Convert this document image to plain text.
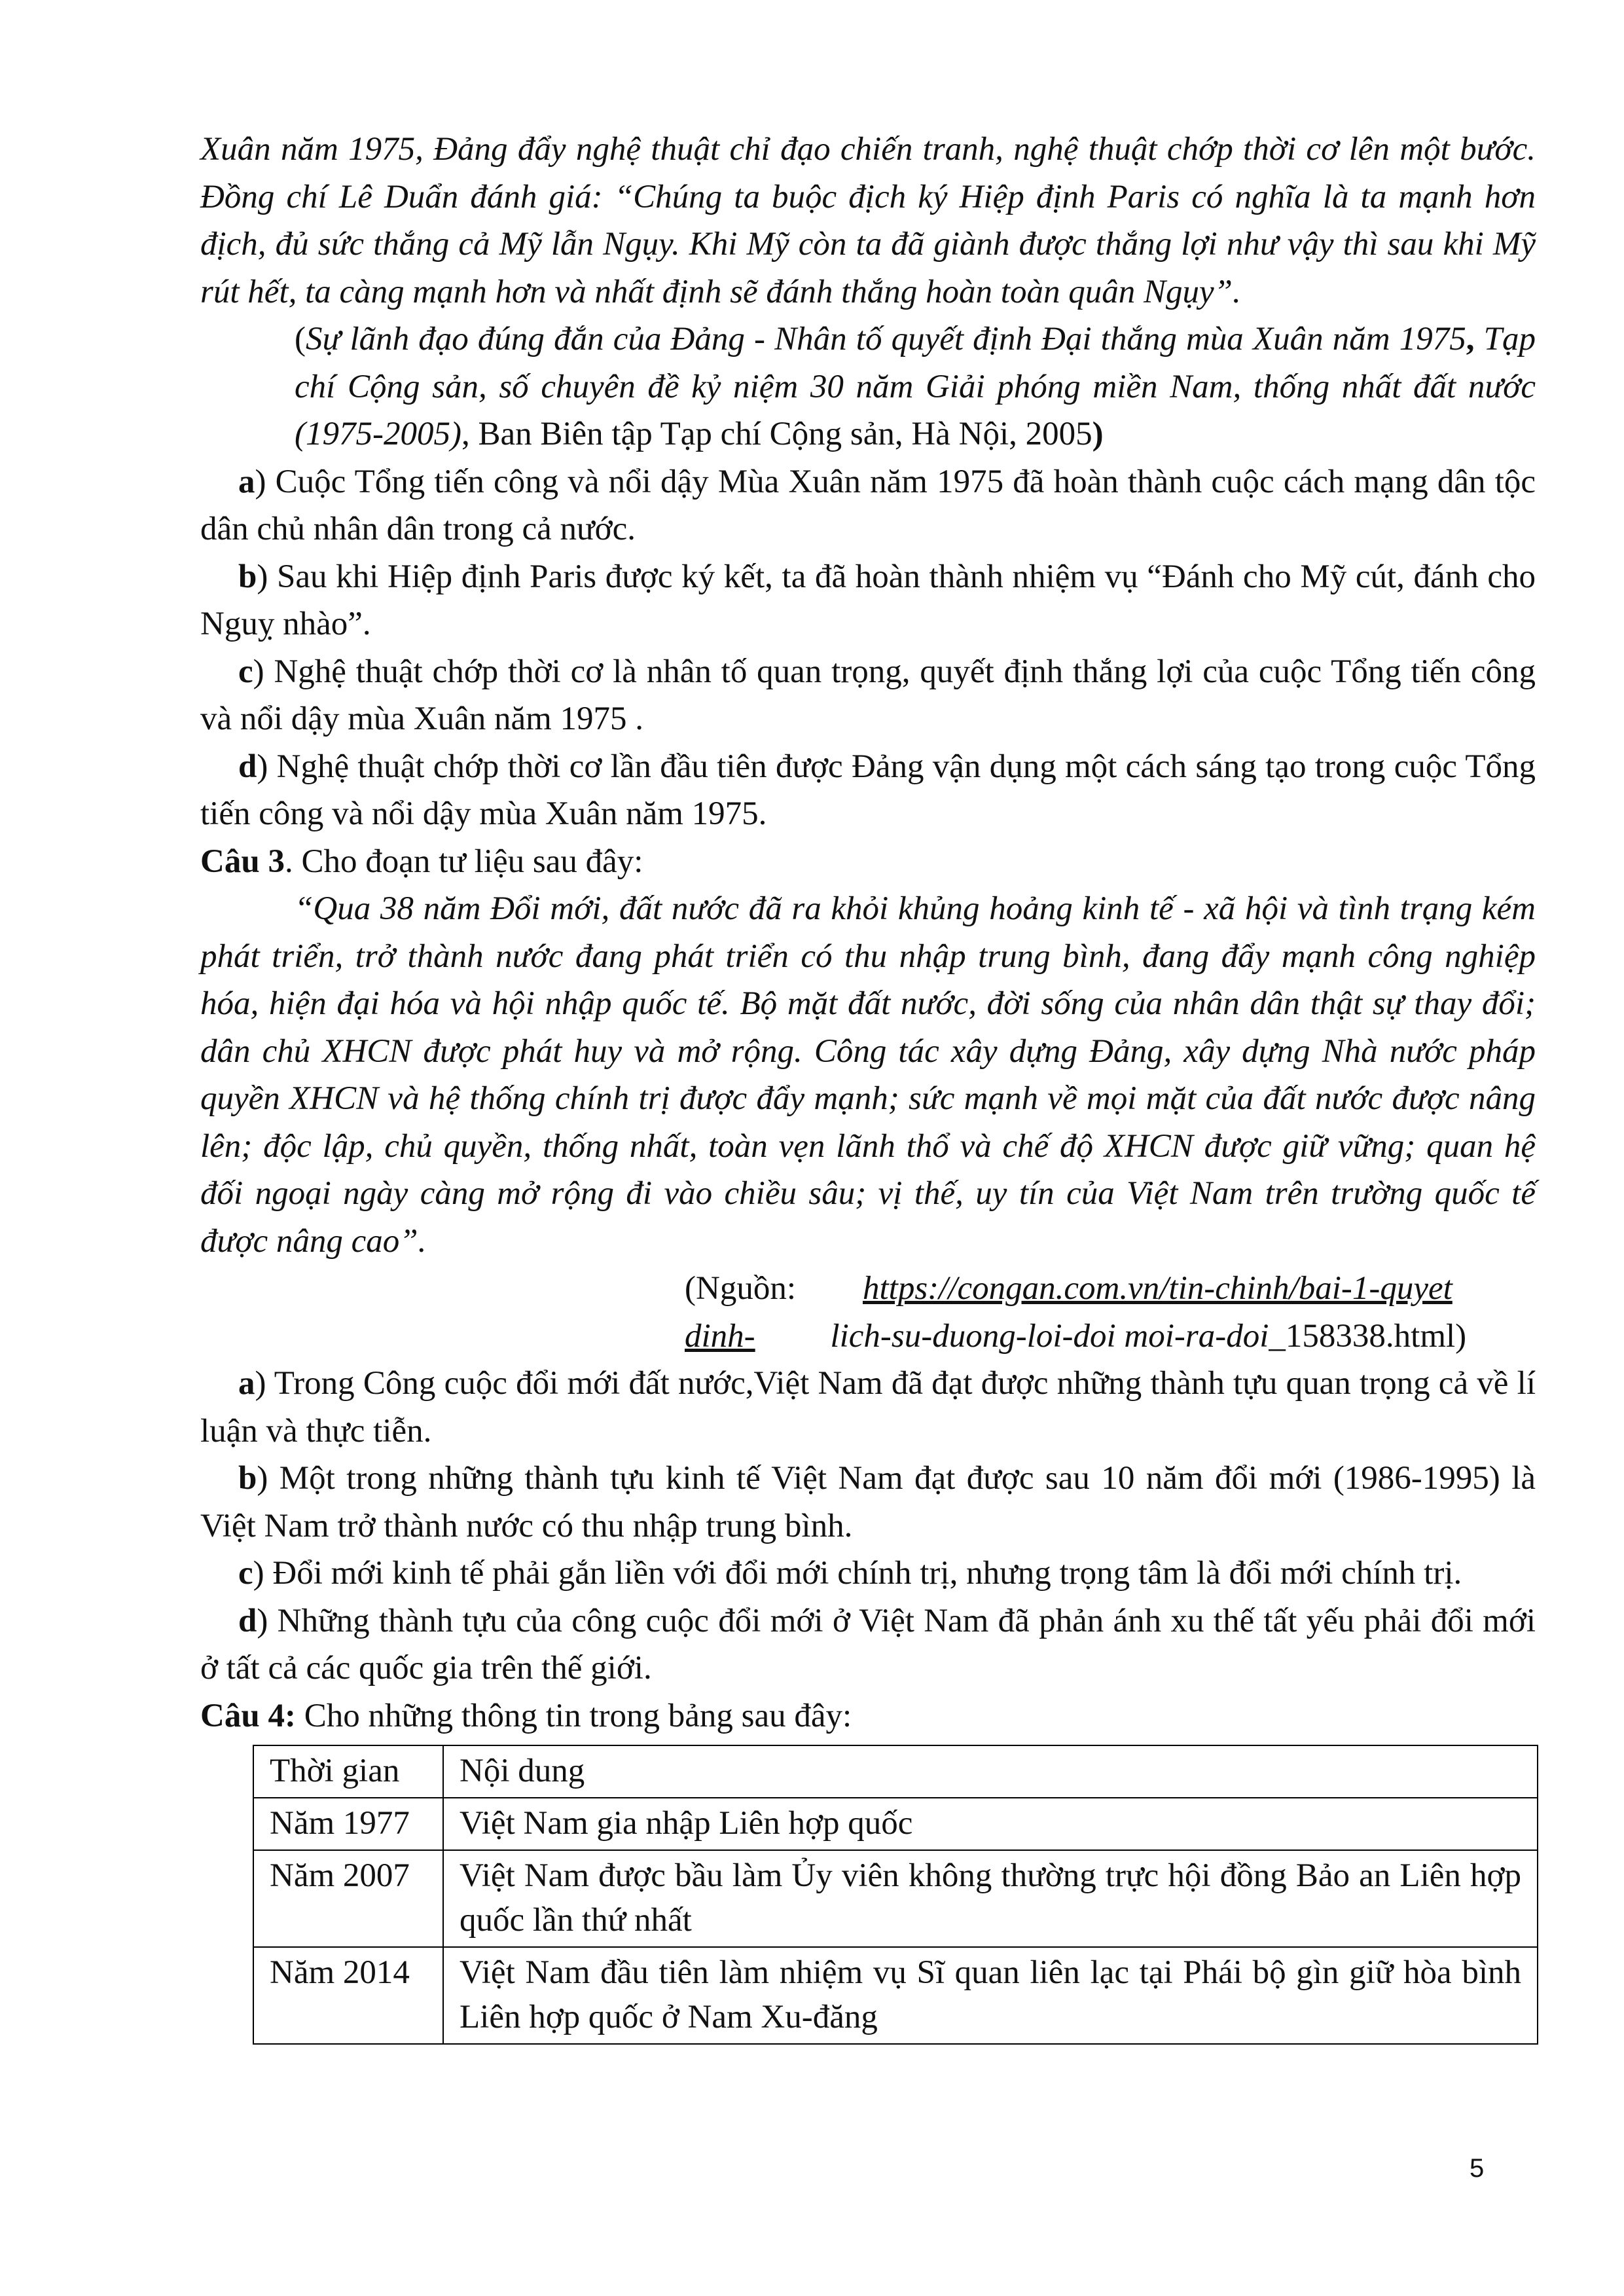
Xuân năm 1975, Đảng đẩy nghệ thuật chỉ đạo chiến tranh, nghệ thuật chớp thời cơ lên một bước. Đồng chí Lê Duẩn đánh giá: “Chúng ta buộc địch ký Hiệp định Paris có nghĩa là ta mạnh hơn địch, đủ sức thắng cả Mỹ lẫn Ngụy. Khi Mỹ còn ta đã giành được thắng lợi như vậy thì sau khi Mỹ rút hết, ta càng mạnh hơn và nhất định sẽ đánh thắng hoàn toàn quân Ngụy”.

(Sự lãnh đạo đúng đắn của Đảng - Nhân tố quyết định Đại thắng mùa Xuân năm 1975, Tạp chí Cộng sản, số chuyên đề kỷ niệm 30 năm Giải phóng miền Nam, thống nhất đất nước (1975-2005), Ban Biên tập Tạp chí Cộng sản, Hà Nội, 2005)

a) Cuộc Tổng tiến công và nổi dậy Mùa Xuân năm 1975 đã hoàn thành cuộc cách mạng dân tộc dân chủ nhân dân trong cả nước.

b) Sau khi Hiệp định Paris được ký kết, ta đã hoàn thành nhiệm vụ “Đánh cho Mỹ cút, đánh cho Nguỵ nhào”.

c) Nghệ thuật chớp thời cơ là nhân tố quan trọng, quyết định thắng lợi của cuộc Tổng tiến công và nổi dậy mùa Xuân năm 1975 .

d) Nghệ thuật chớp thời cơ lần đầu tiên được Đảng vận dụng một cách sáng tạo trong cuộc Tổng tiến công và nổi dậy mùa Xuân năm 1975.

Câu 3. Cho đoạn tư liệu sau đây:

“Qua 38 năm Đổi mới, đất nước đã ra khỏi khủng hoảng kinh tế - xã hội và tình trạng kém phát triển, trở thành nước đang phát triển có thu nhập trung bình, đang đẩy mạnh công nghiệp hóa, hiện đại hóa và hội nhập quốc tế. Bộ mặt đất nước, đời sống của nhân dân thật sự thay đổi; dân chủ XHCN được phát huy và mở rộng. Công tác xây dựng Đảng, xây dựng Nhà nước pháp quyền XHCN và hệ thống chính trị được đẩy mạnh; sức mạnh về mọi mặt của đất nước được nâng lên; độc lập, chủ quyền, thống nhất, toàn vẹn lãnh thổ và chế độ XHCN được giữ vững; quan hệ đối ngoại ngày càng mở rộng đi vào chiều sâu; vị thế, uy tín của Việt Nam trên trường quốc tế được nâng cao”.

(Nguồn: https://congan.com.vn/tin-chinh/bai-1-quyet
dinh- lich-su-duong-loi-doi moi-ra-doi_158338.html)

a) Trong Công cuộc đổi mới đất nước,Việt Nam đã đạt được những thành tựu quan trọng cả về lí luận và thực tiễn.

b) Một trong những thành tựu kinh tế Việt Nam đạt được sau 10 năm đổi mới (1986-1995) là Việt Nam trở thành nước có thu nhập trung bình.

c) Đổi mới kinh tế phải gắn liền với đổi mới chính trị, nhưng trọng tâm là đổi mới chính trị.

d) Những thành tựu của công cuộc đổi mới ở Việt Nam đã phản ánh xu thế tất yếu phải đổi mới ở tất cả các quốc gia trên thế giới.

Câu 4: Cho những thông tin trong bảng sau đây:

Thời gian	Nội dung
Năm 1977	Việt Nam gia nhập Liên hợp quốc
Năm 2007	Việt Nam được bầu làm Ủy viên không thường trực hội đồng Bảo an Liên hợp quốc lần thứ nhất
Năm 2014	Việt Nam đầu tiên làm nhiệm vụ Sĩ quan liên lạc tại Phái bộ gìn giữ hòa bình Liên hợp quốc ở Nam Xu-đăng
5
